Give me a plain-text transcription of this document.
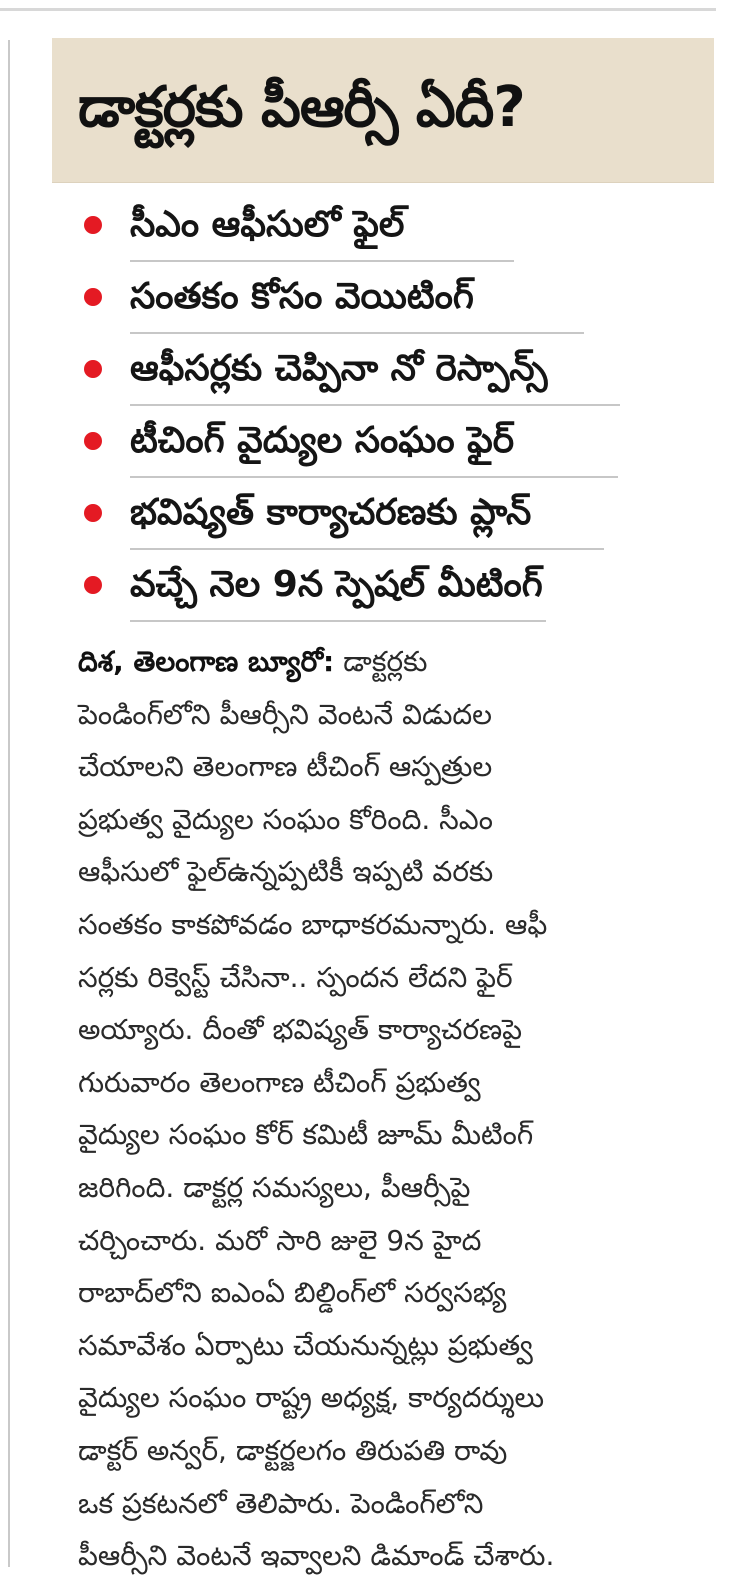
డాక్టర్లకు పీఆర్సీ ఏదీ?
సీఎం ఆఫీసులో ఫైల్
సంతకం కోసం వెయిటింగ్
ఆఫీసర్లకు చెప్పినా నో రెస్పాన్స్
టీచింగ్ వైద్యుల సంఘం ఫైర్
భవిష్యత్ కార్యాచరణకు ప్లాన్
వచ్చే నెల 9న స్పెషల్ మీటింగ్
దిశ, తెలంగాణ బ్యూరో: డాక్టర్లకు
పెండింగ్‌లోని పీఆర్సీని వెంటనే విడుదల
చేయాలని తెలంగాణ టీచింగ్ ఆస్పత్రుల
ప్రభుత్వ వైద్యుల సంఘం కోరింది. సీఎం
ఆఫీసులో ఫైల్ఉన్నప్పటికీ ఇప్పటి వరకు
సంతకం కాకపోవడం బాధాకరమన్నారు. ఆఫీ
సర్లకు రిక్వెస్ట్ చేసినా.. స్పందన లేదని ఫైర్
అయ్యారు. దీంతో భవిష్యత్ కార్యాచరణపై
గురువారం తెలంగాణ టీచింగ్ ప్రభుత్వ
వైద్యుల సంఘం కోర్ కమిటీ జూమ్ మీటింగ్
జరిగింది. డాక్టర్ల సమస్యలు, పీఆర్సీపై
చర్చించారు. మరో సారి జులై 9న హైద
రాబాద్‌లోని ఐఎంఏ బిల్డింగ్‌లో సర్వసభ్య
సమావేశం ఏర్పాటు చేయనున్నట్లు ప్రభుత్వ
వైద్యుల సంఘం రాష్ట్ర అధ్యక్ష, కార్యదర్శులు
డాక్టర్ అన్వర్, డాక్టర్జలగం తిరుపతి రావు
ఒక ప్రకటనలో తెలిపారు. పెండింగ్‌లోని
పీఆర్సీని వెంటనే ఇవ్వాలని డిమాండ్ చేశారు.
